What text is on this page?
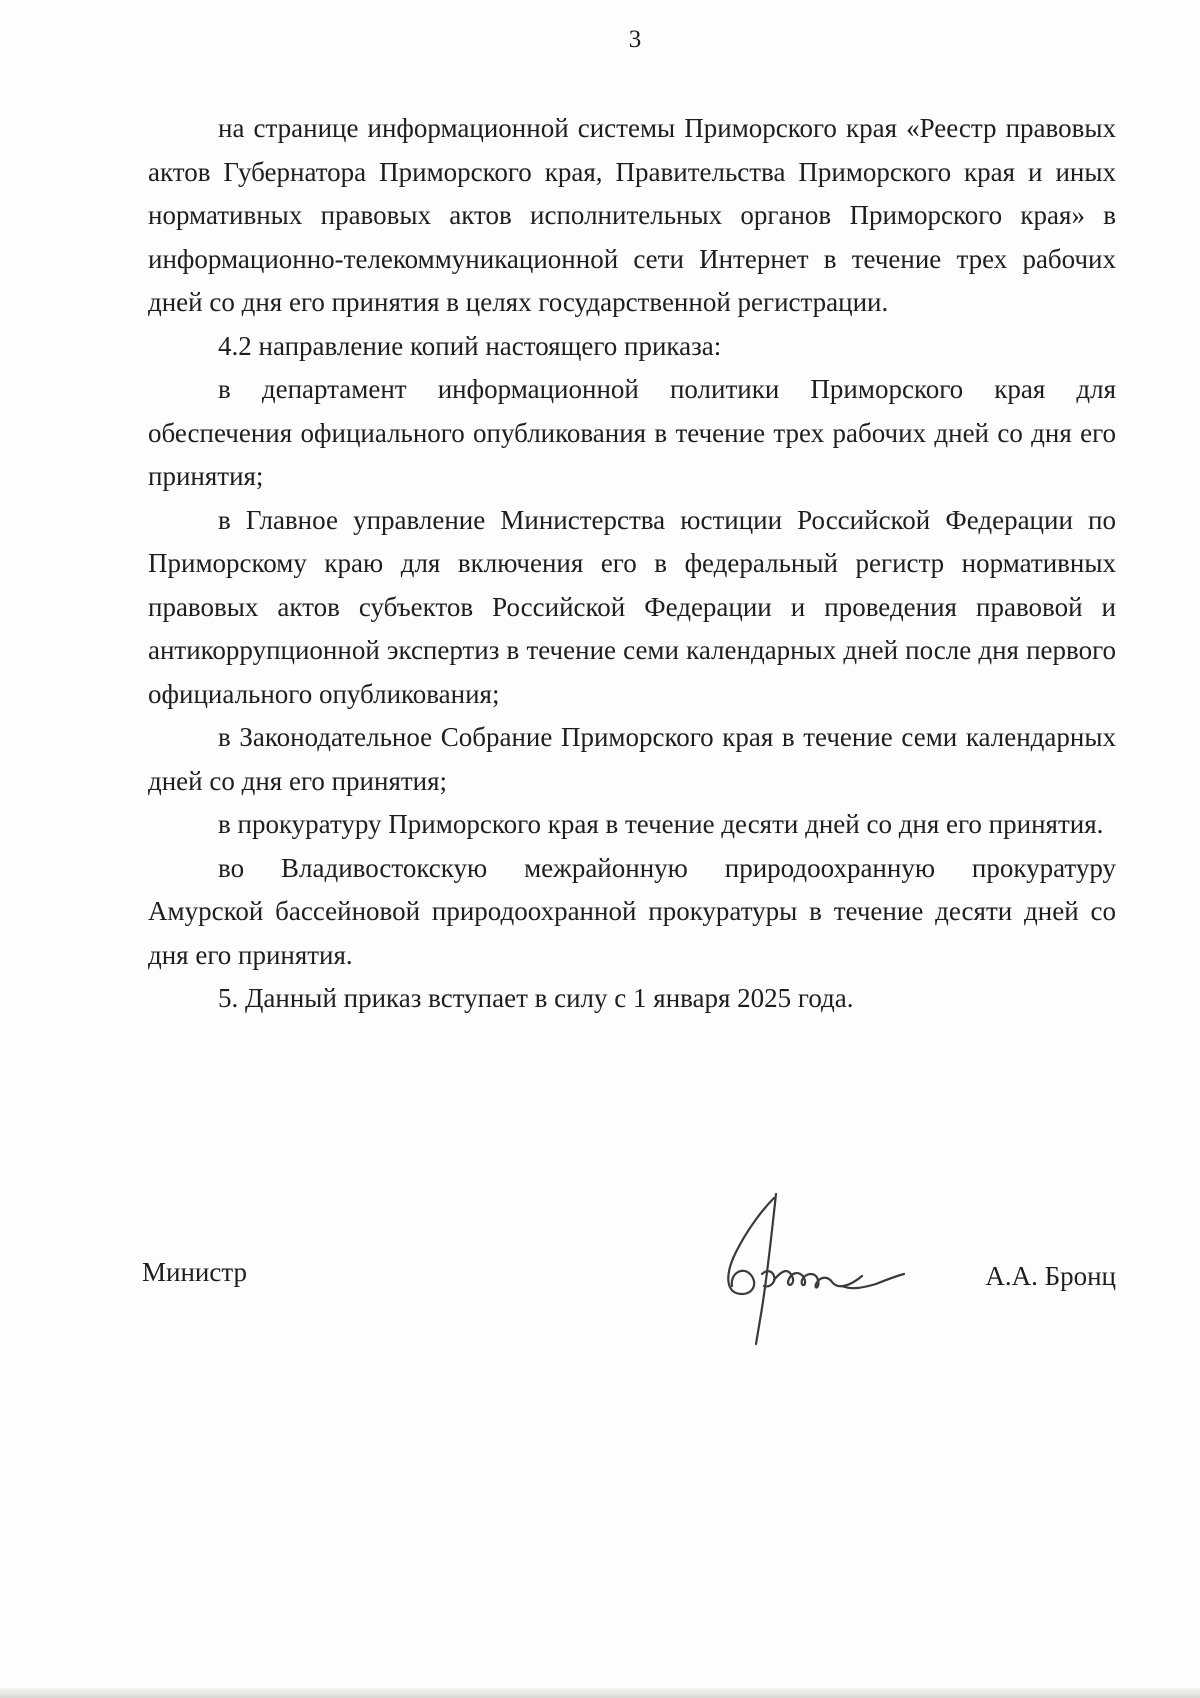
3

на странице информационной системы Приморского края «Реестр правовых актов Губернатора Приморского края, Правительства Приморского края и иных нормативных правовых актов исполнительных органов Приморского края» в информационно-телекоммуникационной сети Интернет в течение трех рабочих дней со дня его принятия в целях государственной регистрации.

4.2 направление копий настоящего приказа:

в департамент информационной политики Приморского края для обеспечения официального опубликования в течение трех рабочих дней со дня его принятия;

в Главное управление Министерства юстиции Российской Федерации по Приморскому краю для включения его в федеральный регистр нормативных правовых актов субъектов Российской Федерации и проведения правовой и антикоррупционной экспертиз в течение семи календарных дней после дня первого официального опубликования;

в Законодательное Собрание Приморского края в течение семи календарных дней со дня его принятия;

в прокуратуру Приморского края в течение десяти дней со дня его принятия.

во Владивостокскую межрайонную природоохранную прокуратуру Амурской бассейновой природоохранной прокуратуры в течение десяти дней со дня его принятия.

5. Данный приказ вступает в силу с 1 января 2025 года.

Министр	А.А. Бронц
